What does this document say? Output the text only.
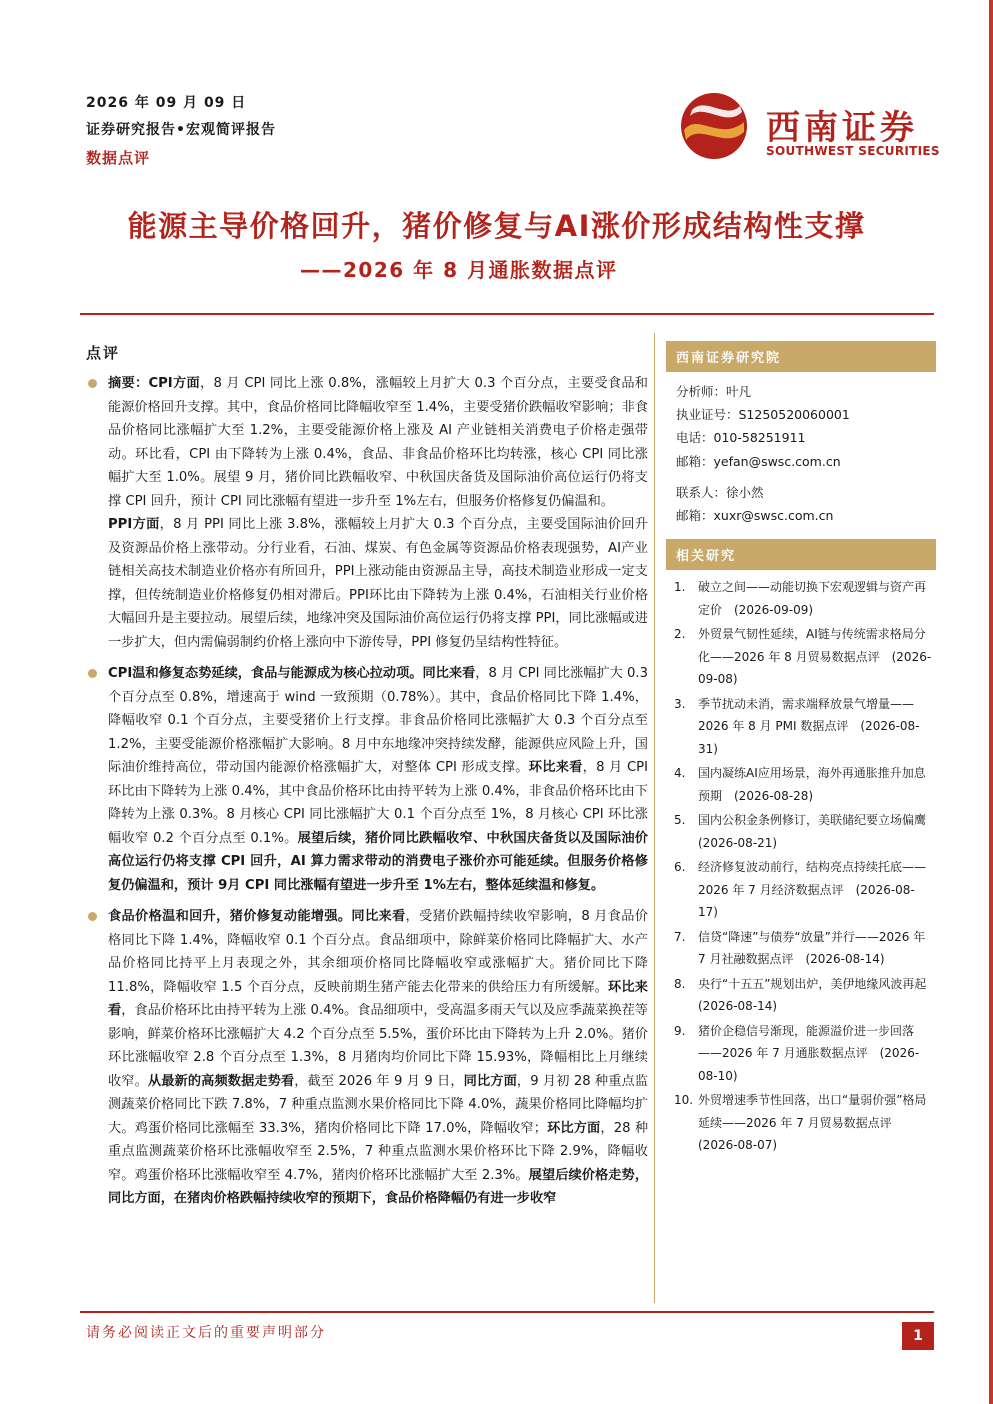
2026 年 09 月 09 日
证券研究报告•宏观简评报告
数据点评
西南证券
SOUTHWEST SECURITIES
能源主导价格回升，猪价修复与AI涨价形成结构性支撑
——2026 年 8 月通胀数据点评
点评
摘要：CPI方面，8 月 CPI 同比上涨 0.8%，涨幅较上月扩大 0.3 个百分点，主要受食品和能源价格回升支撑。其中，食品价格同比降幅收窄至 1.4%，主要受猪价跌幅收窄影响；非食品价格同比涨幅扩大至 1.2%，主要受能源价格上涨及 AI 产业链相关消费电子价格走强带动。环比看，CPI 由下降转为上涨 0.4%，食品、非食品价格环比均转涨，核心 CPI 同比涨幅扩大至 1.0%。展望 9 月，猪价同比跌幅收窄、中秋国庆备货及国际油价高位运行仍将支撑 CPI 回升，预计 CPI 同比涨幅有望进一步升至 1%左右，但服务价格修复仍偏温和。
PPI方面，8 月 PPI 同比上涨 3.8%，涨幅较上月扩大 0.3 个百分点，主要受国际油价回升及资源品价格上涨带动。分行业看，石油、煤炭、有色金属等资源品价格表现强势，AI产业链相关高技术制造业价格亦有所回升，PPI上涨动能由资源品主导，高技术制造业形成一定支撑，但传统制造业价格修复仍相对滞后。PPI环比由下降转为上涨 0.4%，石油相关行业价格大幅回升是主要拉动。展望后续，地缘冲突及国际油价高位运行仍将支撑 PPI，同比涨幅或进一步扩大，但内需偏弱制约价格上涨向中下游传导，PPI 修复仍呈结构性特征。
CPI温和修复态势延续，食品与能源成为核心拉动项。同比来看，8 月 CPI 同比涨幅扩大 0.3 个百分点至 0.8%，增速高于 wind 一致预期（0.78%）。其中，食品价格同比下降 1.4%，降幅收窄 0.1 个百分点，主要受猪价上行支撑。非食品价格同比涨幅扩大 0.3 个百分点至 1.2%，主要受能源价格涨幅扩大影响。8 月中东地缘冲突持续发酵，能源供应风险上升，国际油价维持高位，带动国内能源价格涨幅扩大，对整体 CPI 形成支撑。环比来看，8 月 CPI 环比由下降转为上涨 0.4%，其中食品价格环比由持平转为上涨 0.4%，非食品价格环比由下降转为上涨 0.3%。8 月核心 CPI 同比涨幅扩大 0.1 个百分点至 1%，8 月核心 CPI 环比涨幅收窄 0.2 个百分点至 0.1%。展望后续，猪价同比跌幅收窄、中秋国庆备货以及国际油价高位运行仍将支撑 CPI 回升，AI 算力需求带动的消费电子涨价亦可能延续。但服务价格修复仍偏温和，预计 9月 CPI 同比涨幅有望进一步升至 1%左右，整体延续温和修复。
食品价格温和回升，猪价修复动能增强。同比来看，受猪价跌幅持续收窄影响，8 月食品价格同比下降 1.4%，降幅收窄 0.1 个百分点。食品细项中，除鲜菜价格同比降幅扩大、水产品价格同比持平上月表现之外，其余细项价格同比降幅收窄或涨幅扩大。猪价同比下降 11.8%，降幅收窄 1.5 个百分点，反映前期生猪产能去化带来的供给压力有所缓解。环比来看，食品价格环比由持平转为上涨 0.4%。食品细项中，受高温多雨天气以及应季蔬菜换茬等影响，鲜菜价格环比涨幅扩大 4.2 个百分点至 5.5%，蛋价环比由下降转为上升 2.0%。猪价环比涨幅收窄 2.8 个百分点至 1.3%，8 月猪肉均价同比下降 15.93%，降幅相比上月继续收窄。从最新的高频数据走势看，截至 2026 年 9 月 9 日，同比方面，9 月初 28 种重点监测蔬菜价格同比下跌 7.8%，7 种重点监测水果价格同比下降 4.0%，蔬果价格同比降幅均扩大。鸡蛋价格同比涨幅至 33.3%，猪肉价格同比下降 17.0%，降幅收窄；环比方面，28 种重点监测蔬菜价格环比涨幅收窄至 2.5%，7 种重点监测水果价格环比下降 2.9%，降幅收窄。鸡蛋价格环比涨幅收窄至 4.7%，猪肉价格环比涨幅扩大至 2.3%。展望后续价格走势，同比方面，在猪肉价格跌幅持续收窄的预期下，食品价格降幅仍有进一步收窄
西南证券研究院
分析师：叶凡
执业证号：S1250520060001
电话：010-58251911
邮箱：yefan@swsc.com.cn
联系人：徐小然
邮箱：xuxr@swsc.com.cn
相关研究
1. 破立之间——动能切换下宏观逻辑与资产再定价　(2026-09-09)
2. 外贸景气韧性延续，AI链与传统需求格局分化——2026 年 8 月贸易数据点评　(2026-09-08)
3. 季节扰动未消，需求端释放景气增量——2026 年 8 月 PMI 数据点评　(2026-08-31)
4. 国内凝练AI应用场景，海外再通胀推升加息预期　(2026-08-28)
5. 国内公积金条例修订，美联储纪要立场偏鹰　(2026-08-21)
6. 经济修复波动前行，结构亮点持续托底——2026 年 7 月经济数据点评　(2026-08-17)
7. 信贷“降速”与债券“放量”并行——2026 年 7 月社融数据点评　(2026-08-14)
8. 央行“十五五”规划出炉，美伊地缘风波再起　(2026-08-14)
9. 猪价企稳信号渐现，能源溢价进一步回落——2026 年 7 月通胀数据点评　(2026-08-10)
10. 外贸增速季节性回落，出口“量弱价强”格局延续——2026 年 7 月贸易数据点评　(2026-08-07)
请务必阅读正文后的重要声明部分	1
